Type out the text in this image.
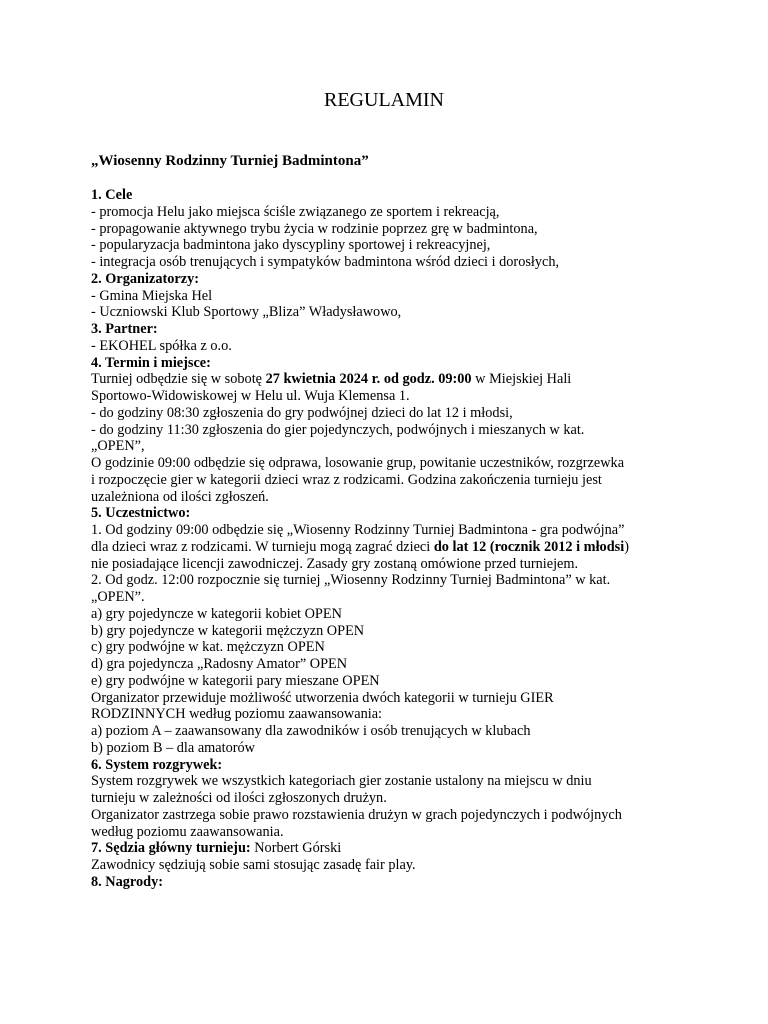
REGULAMIN
„Wiosenny Rodzinny Turniej Badmintona”
1. Cele
- promocja Helu jako miejsca ściśle związanego ze sportem i rekreacją,
- propagowanie aktywnego trybu życia w rodzinie poprzez grę w badmintona,
- popularyzacja badmintona jako dyscypliny sportowej i rekreacyjnej,
- integracja osób trenujących i sympatyków badmintona wśród dzieci i dorosłych,
2. Organizatorzy:
- Gmina Miejska Hel
- Uczniowski Klub Sportowy „Bliza” Władysławowo,
3. Partner:
- EKOHEL spółka z o.o.
4. Termin i miejsce:
Turniej odbędzie się w sobotę 27 kwietnia 2024 r. od godz. 09:00 w Miejskiej Hali
Sportowo-Widowiskowej w Helu ul. Wuja Klemensa 1.
- do godziny 08:30 zgłoszenia do gry podwójnej dzieci do lat 12 i młodsi,
- do godziny 11:30 zgłoszenia do gier pojedynczych, podwójnych i mieszanych w kat.
„OPEN”,
O godzinie 09:00 odbędzie się odprawa, losowanie grup, powitanie uczestników, rozgrzewka
i rozpoczęcie gier w kategorii dzieci wraz z rodzicami. Godzina zakończenia turnieju jest
uzależniona od ilości zgłoszeń.
5. Uczestnictwo:
1. Od godziny 09:00 odbędzie się „Wiosenny Rodzinny Turniej Badmintona - gra podwójna”
dla dzieci wraz z rodzicami. W turnieju mogą zagrać dzieci do lat 12 (rocznik 2012 i młodsi)
nie posiadające licencji zawodniczej. Zasady gry zostaną omówione przed turniejem.
2. Od godz. 12:00 rozpocznie się turniej „Wiosenny Rodzinny Turniej Badmintona” w kat.
„OPEN”.
a) gry pojedyncze w kategorii kobiet OPEN
b) gry pojedyncze w kategorii mężczyzn OPEN
c) gry podwójne w kat. mężczyzn OPEN
d) gra pojedyncza „Radosny Amator” OPEN
e) gry podwójne w kategorii pary mieszane OPEN
Organizator przewiduje możliwość utworzenia dwóch kategorii w turnieju GIER
RODZINNYCH według poziomu zaawansowania:
a) poziom A – zaawansowany dla zawodników i osób trenujących w klubach
b) poziom B – dla amatorów
6. System rozgrywek:
System rozgrywek we wszystkich kategoriach gier zostanie ustalony na miejscu w dniu
turnieju w zależności od ilości zgłoszonych drużyn.
Organizator zastrzega sobie prawo rozstawienia drużyn w grach pojedynczych i podwójnych
według poziomu zaawansowania.
7. Sędzia główny turnieju: Norbert Górski
Zawodnicy sędziują sobie sami stosując zasadę fair play.
8. Nagrody:
